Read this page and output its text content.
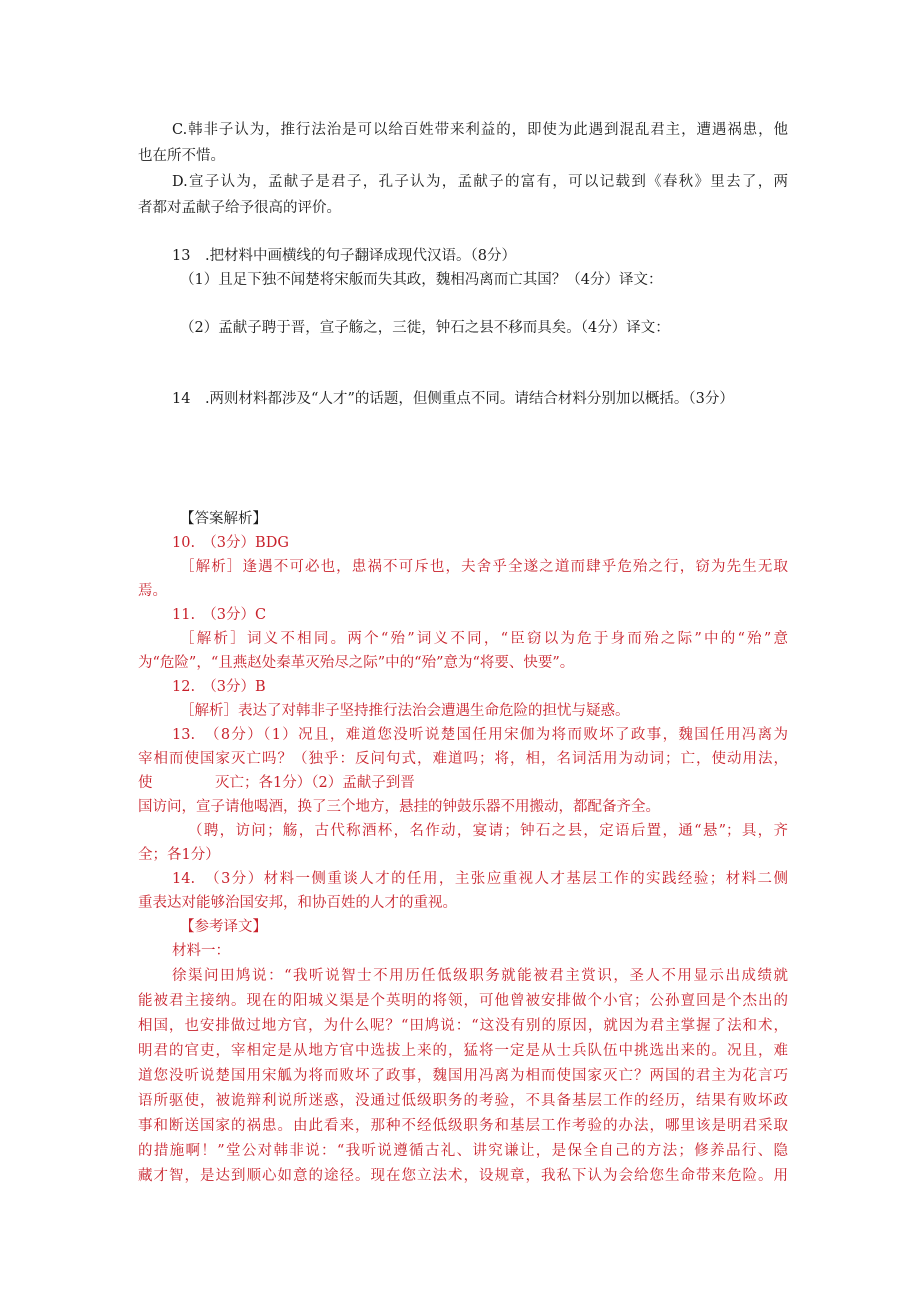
C.韩非子认为，推行法治是可以给百姓带来利益的，即使为此遇到混乱君主，遭遇祸患，他
也在所不惜。
D.宣子认为，孟献子是君子，孔子认为，孟献子的富有，可以记载到《春秋》里去了，两
者都对孟献子给予很高的评价。
13　.把材料中画横线的句子翻译成现代汉语。（8分）
（1）且足下独不闻楚将宋舨而失其政，魏相冯离而亡其国？（4分）译文：
（2）孟献子聘于晋，宣子觞之，三徙，钟石之县不移而具矣。（4分）译文：
14　.两则材料都涉及“人才”的话题，但侧重点不同。请结合材料分别加以概括。（3分）
【答案解析】
10.　（3分）BDG
［解析］逢遇不可必也，患祸不可斥也，夫舍乎全遂之道而肆乎危殆之行，窃为先生无取
焉。
11.　（3分）C
［解析］词义不相同。两个“殆”词义不同，“臣窃以为危于身而殆之际”中的“殆”意
为“危险”，“且燕赵处秦革灭殆尽之际”中的“殆”意为“将要、快要”。
12.　（3分）B
［解析］表达了对韩非子坚持推行法治会遭遇生命危险的担忧与疑惑。
13.　（8分）（1）况且，难道您没听说楚国任用宋伽为将而败坏了政事，魏国任用冯离为
宰相而使国家灭亡吗？（独乎：反问句式，难道吗；将，相，名词活用为动词；亡，使动用法，
使	灭亡；各1分）（2）孟献子到晋
国访问，宣子请他喝酒，换了三个地方，悬挂的钟鼓乐器不用搬动，都配备齐全。
（聘，访问；觞，古代称酒杯，名作动，宴请；钟石之县，定语后置，通“悬”；具，齐
全；各1分）
14.　（3分）材料一侧重谈人才的任用，主张应重视人才基层工作的实践经验；材料二侧
重表达对能够治国安邦，和协百姓的人才的重视。
【参考译文】
材料一：
徐渠问田鸠说：“我听说智士不用历任低级职务就能被君主赏识，圣人不用显示出成绩就
能被君主接纳。现在的阳城义渠是个英明的将领，可他曾被安排做个小官；公孙亶回是个杰出的
相国，也安排做过地方官，为什么呢？“田鸠说：“这没有别的原因，就因为君主掌握了法和术，
明君的官吏，宰相定是从地方官中选拔上来的，猛将一定是从士兵队伍中挑选出来的。况且，难
道您没听说楚国用宋觚为将而败坏了政事，魏国用冯离为相而使国家灭亡？两国的君主为花言巧
语所驱使，被诡辩利说所迷惑，没通过低级职务的考验，不具备基层工作的经历，结果有败坏政
事和断送国家的祸患。由此看来，那种不经低级职务和基层工作考验的办法，哪里该是明君采取
的措施啊！”堂公对韩非说：“我听说遵循古礼、讲究谦让，是保全自己的方法；修养品行、隐
藏才智，是达到顺心如意的途径。现在您立法术，设规章，我私下认为会给您生命带来危险。用
